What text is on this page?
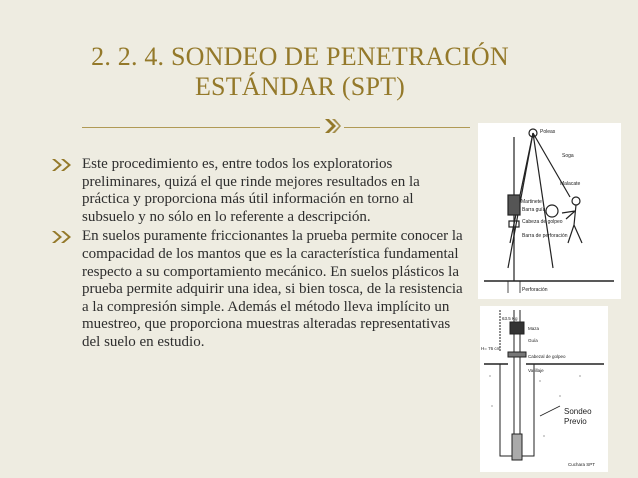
2. 2. 4. SONDEO DE PENETRACIÓN
ESTÁNDAR (SPT)
Este procedimiento es, entre todos los exploratorios preliminares, quizá el que rinde mejores resultados en la práctica y proporciona más útil información en torno al subsuelo y no sólo en lo referente a descripción.
En suelos puramente friccionantes la prueba permite conocer la compacidad de los mantos que es la característica fundamental respecto a su comportamiento mecánico. En suelos plásticos la prueba permite adquirir una idea, si bien tosca, de la resistencia a la compresión simple. Además el método lleva implícito un muestreo, que proporciona muestras alteradas representativas del suelo en estudio.
Poleas
Soga
Malacate
Martinete
Barra guía
Cabeza de golpeo
Barra de perforación
Perforación
63.5 Kg
Maza
Guía
H= 76 cm
Cabezal de golpeo
Varillaje
Cuchara SPT
Sondeo
Previo
